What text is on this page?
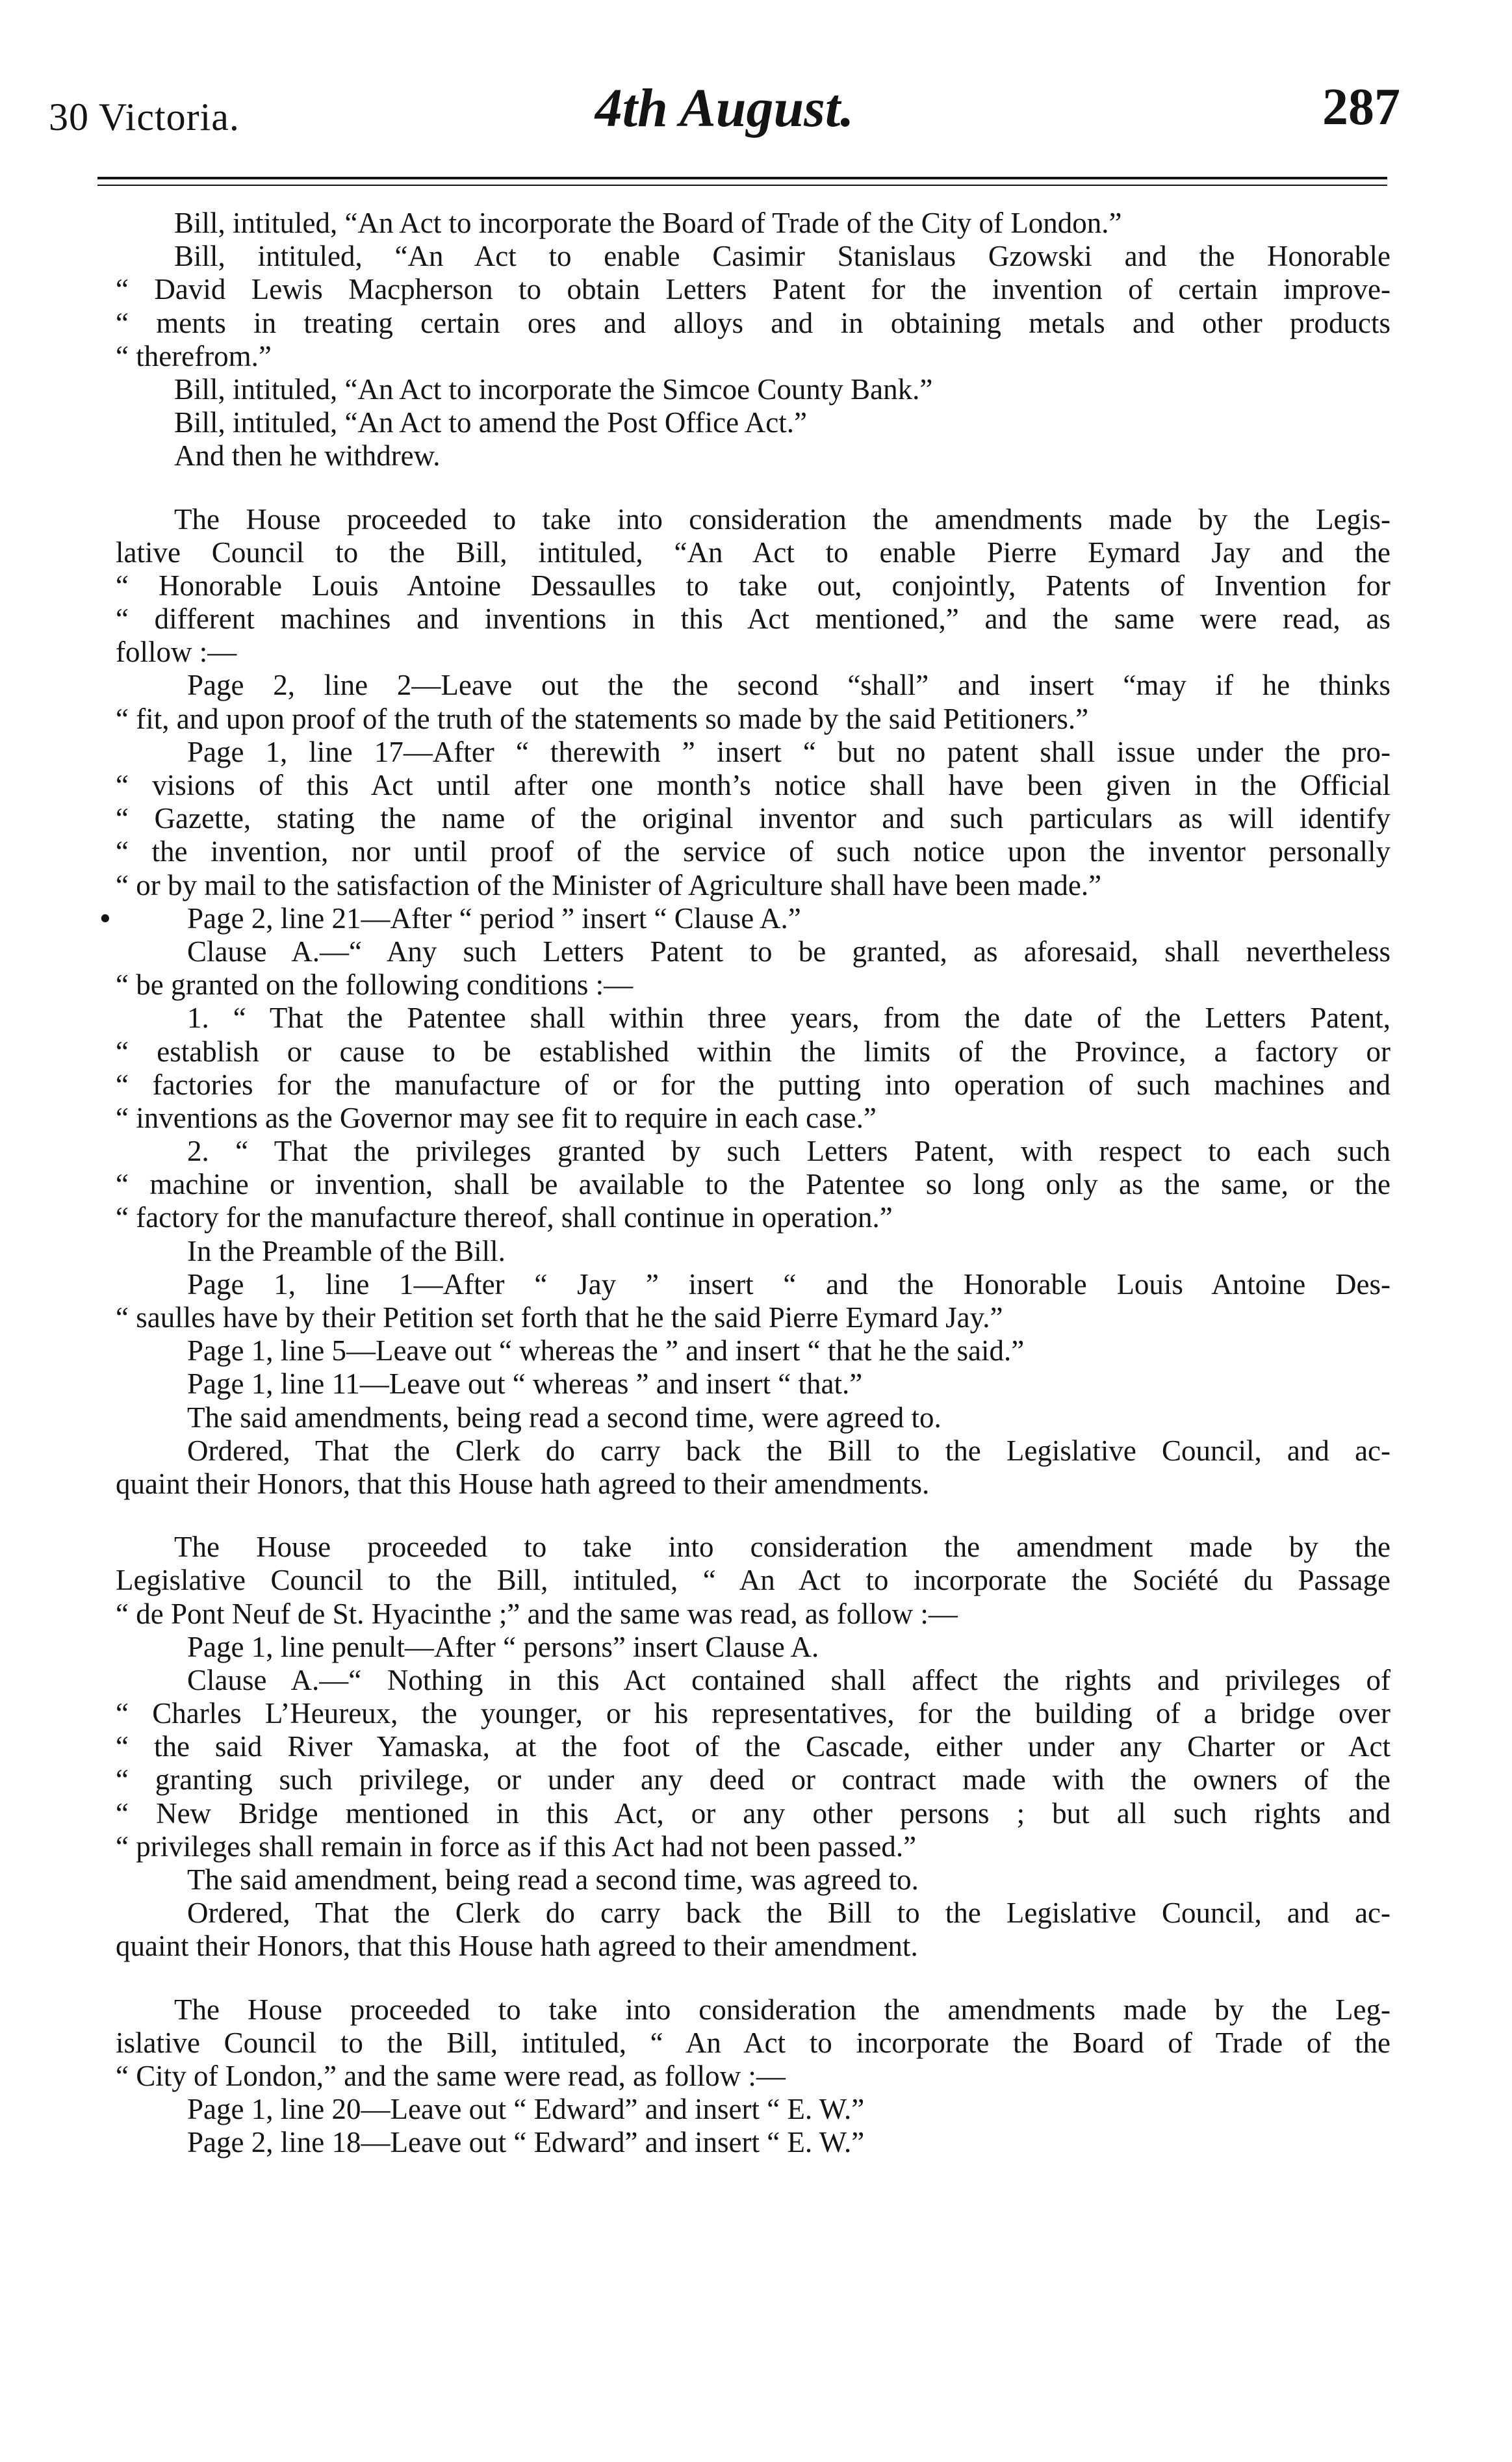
30 Victoria.	4th August.	287
Bill, intituled, “An Act to incorporate the Board of Trade of the City of London.”
Bill, intituled, “An Act to enable Casimir Stanislaus Gzowski and the Honorable
“ David Lewis Macpherson to obtain Letters Patent for the invention of certain improve-
“ ments in treating certain ores and alloys and in obtaining metals and other products
“ therefrom.”
Bill, intituled, “An Act to incorporate the Simcoe County Bank.”
Bill, intituled, “An Act to amend the Post Office Act.”
And then he withdrew.
The House proceeded to take into consideration the amendments made by the Legis-
lative Council to the Bill, intituled, “An Act to enable Pierre Eymard Jay and the
“ Honorable Louis Antoine Dessaulles to take out, conjointly, Patents of Invention for
“ different machines and inventions in this Act mentioned,” and the same were read, as
follow :—
Page 2, line 2—Leave out the the second “shall” and insert “may if he thinks
“ fit, and upon proof of the truth of the statements so made by the said Petitioners.”
Page 1, line 17—After “ therewith ” insert “ but no patent shall issue under the pro-
“ visions of this Act until after one month’s notice shall have been given in the Official
“ Gazette, stating the name of the original inventor and such particulars as will identify
“ the invention, nor until proof of the service of such notice upon the inventor personally
“ or by mail to the satisfaction of the Minister of Agriculture shall have been made.”
•	Page 2, line 21—After “ period ” insert “ Clause A.”
Clause A.—“ Any such Letters Patent to be granted, as aforesaid, shall nevertheless
“ be granted on the following conditions :—
1. “ That the Patentee shall within three years, from the date of the Letters Patent,
“ establish or cause to be established within the limits of the Province, a factory or
“ factories for the manufacture of or for the putting into operation of such machines and
“ inventions as the Governor may see fit to require in each case.”
2. “ That the privileges granted by such Letters Patent, with respect to each such
“ machine or invention, shall be available to the Patentee so long only as the same, or the
“ factory for the manufacture thereof, shall continue in operation.”
In the Preamble of the Bill.
Page 1, line 1—After “ Jay ” insert “ and the Honorable Louis Antoine Des-
“ saulles have by their Petition set forth that he the said Pierre Eymard Jay.”
Page 1, line 5—Leave out “ whereas the ” and insert “ that he the said.”
Page 1, line 11—Leave out “ whereas ” and insert “ that.”
The said amendments, being read a second time, were agreed to.
Ordered, That the Clerk do carry back the Bill to the Legislative Council, and ac-
quaint their Honors, that this House hath agreed to their amendments.
The House proceeded to take into consideration the amendment made by the
Legislative Council to the Bill, intituled, “ An Act to incorporate the Société du Passage
“ de Pont Neuf de St. Hyacinthe ;” and the same was read, as follow :—
Page 1, line penult—After “ persons” insert Clause A.
Clause A.—“ Nothing in this Act contained shall affect the rights and privileges of
“ Charles L’Heureux, the younger, or his representatives, for the building of a bridge over
“ the said River Yamaska, at the foot of the Cascade, either under any Charter or Act
“ granting such privilege, or under any deed or contract made with the owners of the
“ New Bridge mentioned in this Act, or any other persons ; but all such rights and
“ privileges shall remain in force as if this Act had not been passed.”
The said amendment, being read a second time, was agreed to.
Ordered, That the Clerk do carry back the Bill to the Legislative Council, and ac-
quaint their Honors, that this House hath agreed to their amendment.
The House proceeded to take into consideration the amendments made by the Leg-
islative Council to the Bill, intituled, “ An Act to incorporate the Board of Trade of the
“ City of London,” and the same were read, as follow :—
Page 1, line 20—Leave out “ Edward” and insert “ E. W.”
Page 2, line 18—Leave out “ Edward” and insert “ E. W.”
